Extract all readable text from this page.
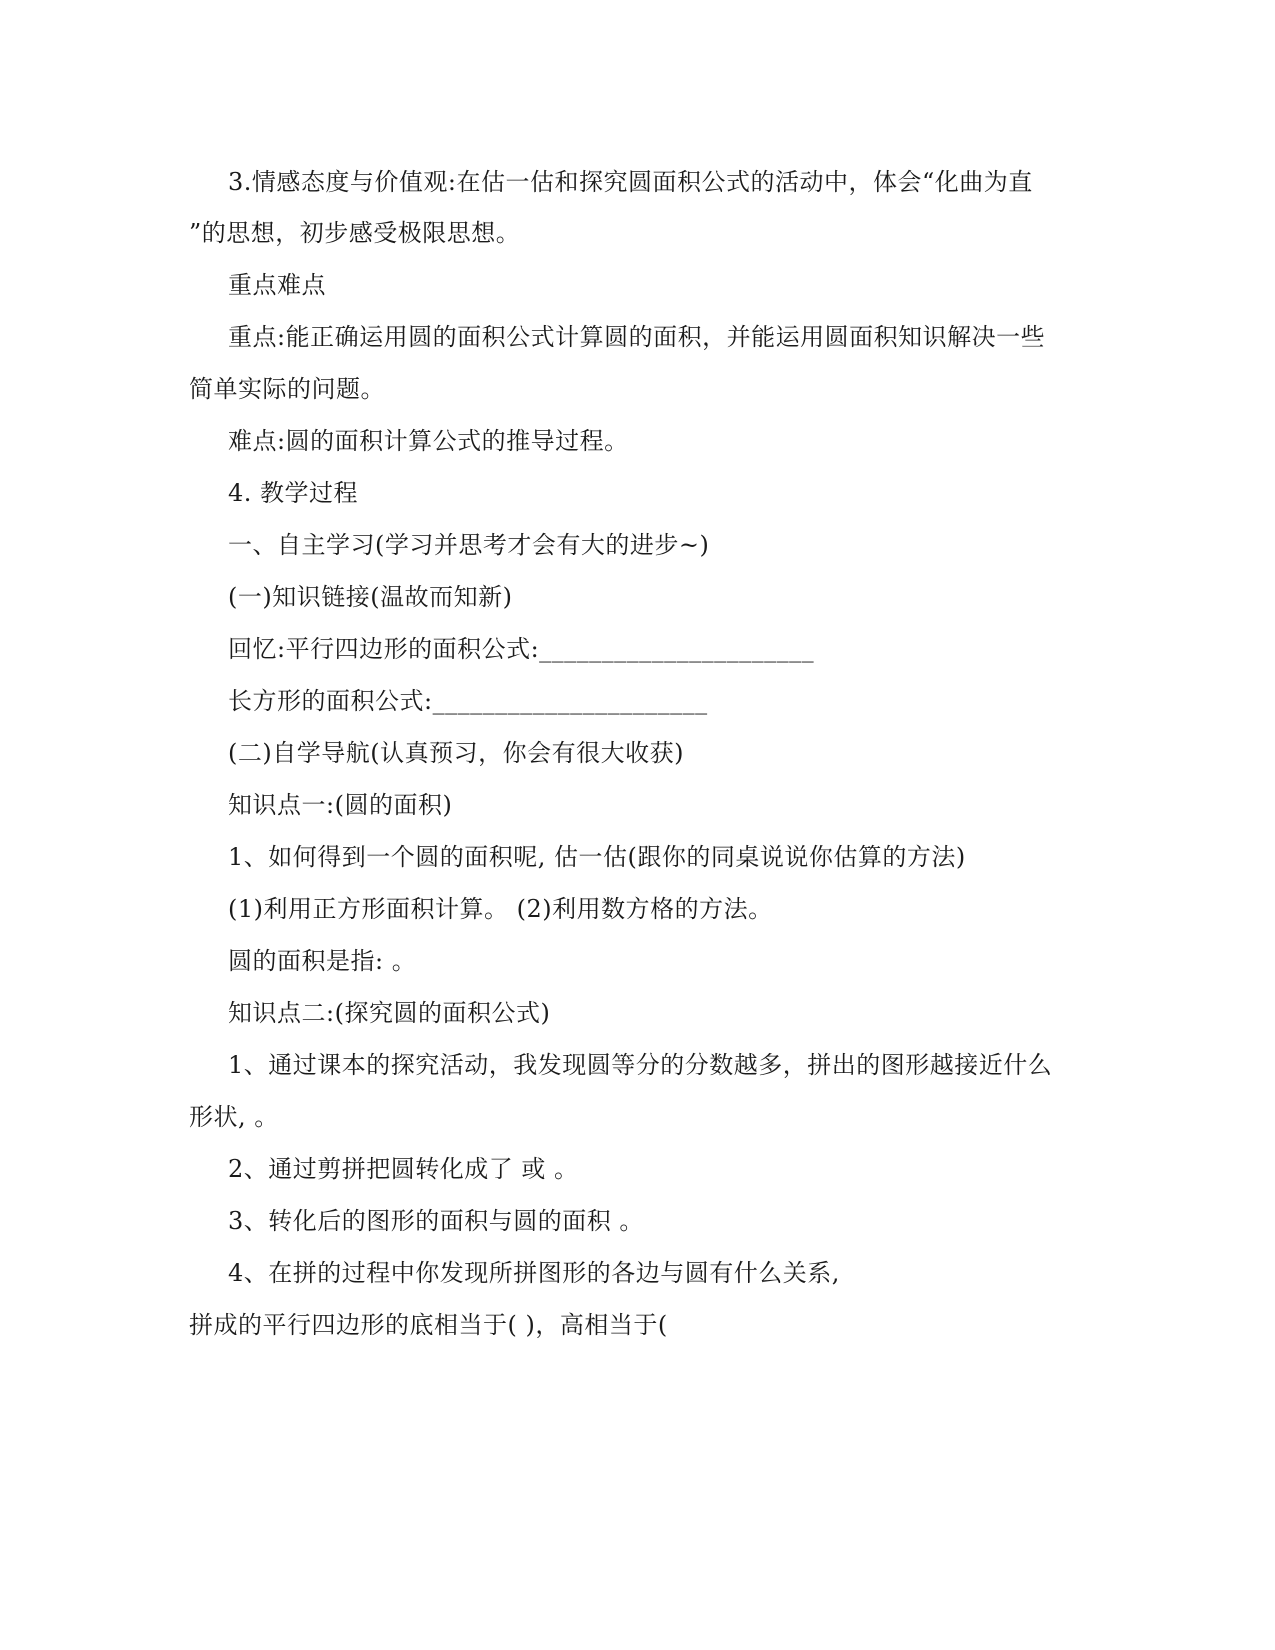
3.情感态度与价值观:在估一估和探究圆面积公式的活动中，体会“化曲为直
”的思想，初步感受极限思想。
重点难点
重点:能正确运用圆的面积公式计算圆的面积，并能运用圆面积知识解决一些
简单实际的问题。
难点:圆的面积计算公式的推导过程。
4. 教学过程
一、自主学习(学习并思考才会有大的进步~)
(一)知识链接(温故而知新)
回忆:平行四边形的面积公式:______________________
长方形的面积公式:______________________
(二)自学导航(认真预习，你会有很大收获)
知识点一:(圆的面积)
1、如何得到一个圆的面积呢, 估一估(跟你的同桌说说你估算的方法)
(1)利用正方形面积计算。 (2)利用数方格的方法。
圆的面积是指: 。
知识点二:(探究圆的面积公式)
1、通过课本的探究活动，我发现圆等分的分数越多，拼出的图形越接近什么
形状, 。
2、通过剪拼把圆转化成了 或 。
3、转化后的图形的面积与圆的面积 。
4、在拼的过程中你发现所拼图形的各边与圆有什么关系,
拼成的平行四边形的底相当于( )，高相当于(
